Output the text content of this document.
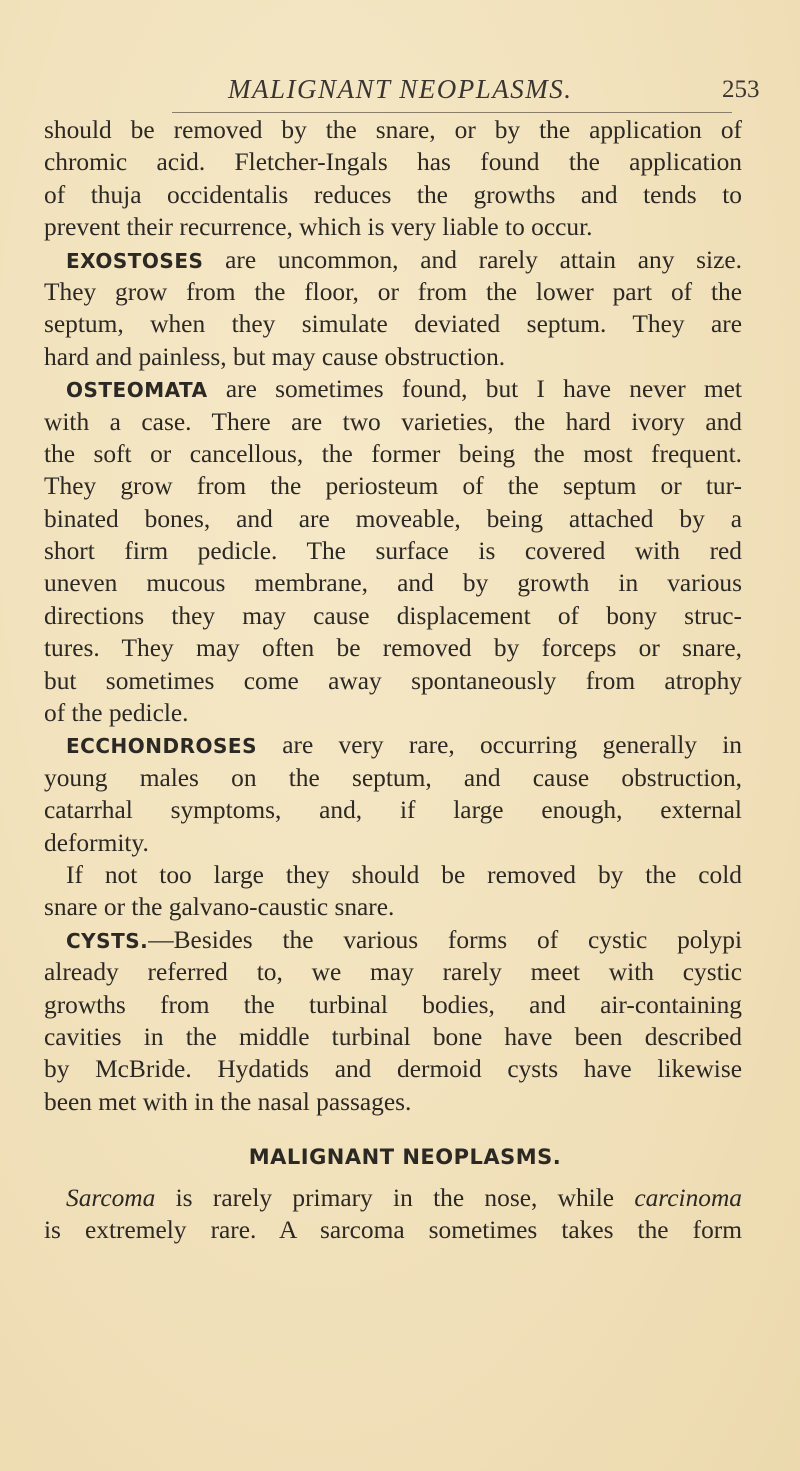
MALIGNANT NEOPLASMS.	253
should be removed by the snare, or by the application of
chromic acid. Fletcher-Ingals has found the application
of thuja occidentalis reduces the growths and tends to
prevent their recurrence, which is very liable to occur.
EXOSTOSES are uncommon, and rarely attain any size.
They grow from the floor, or from the lower part of the
septum, when they simulate deviated septum. They are
hard and painless, but may cause obstruction.
OSTEOMATA are sometimes found, but I have never met
with a case. There are two varieties, the hard ivory and
the soft or cancellous, the former being the most frequent.
They grow from the periosteum of the septum or tur-
binated bones, and are moveable, being attached by a
short firm pedicle. The surface is covered with red
uneven mucous membrane, and by growth in various
directions they may cause displacement of bony struc-
tures. They may often be removed by forceps or snare,
but sometimes come away spontaneously from atrophy
of the pedicle.
ECCHONDROSES are very rare, occurring generally in
young males on the septum, and cause obstruction,
catarrhal symptoms, and, if large enough, external
deformity.
If not too large they should be removed by the cold
snare or the galvano-caustic snare.
CYSTS.—Besides the various forms of cystic polypi
already referred to, we may rarely meet with cystic
growths from the turbinal bodies, and air-containing
cavities in the middle turbinal bone have been described
by McBride. Hydatids and dermoid cysts have likewise
been met with in the nasal passages.
MALIGNANT NEOPLASMS.
Sarcoma is rarely primary in the nose, while carcinoma
is extremely rare. A sarcoma sometimes takes the form
